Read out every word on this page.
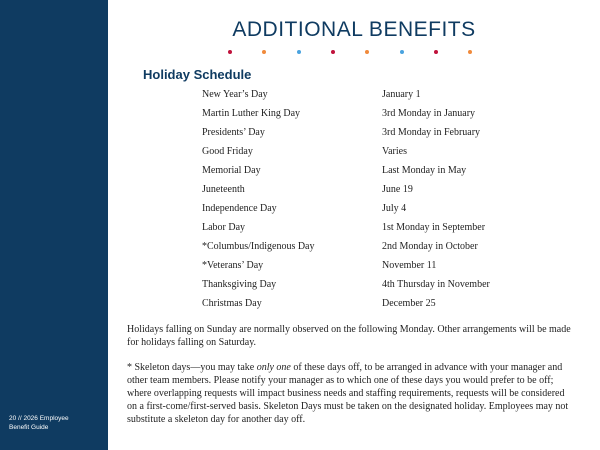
20 // 2026 Employee
Benefit Guide
ADDITIONAL BENEFITS
Holiday Schedule
New Year’s Day	January 1
Martin Luther King Day	3rd Monday in January
Presidents’ Day	3rd Monday in February
Good Friday	Varies
Memorial Day	Last Monday in May
Juneteenth	June 19
Independence Day	July 4
Labor Day	1st Monday in September
*Columbus/Indigenous Day	2nd Monday in October
*Veterans’ Day	November 11
Thanksgiving Day	4th Thursday in November
Christmas Day	December 25
Holidays falling on Sunday are normally observed on the following Monday. Other arrangements will be made for holidays falling on Saturday.
* Skeleton days—you may take only one of these days off, to be arranged in advance with your manager and other team members. Please notify your manager as to which one of these days you would prefer to be off; where overlapping requests will impact business needs and staffing requirements, requests will be considered on a first-come/first-served basis. Skeleton Days must be taken on the designated holiday. Employees may not substitute a skeleton day for another day off.
